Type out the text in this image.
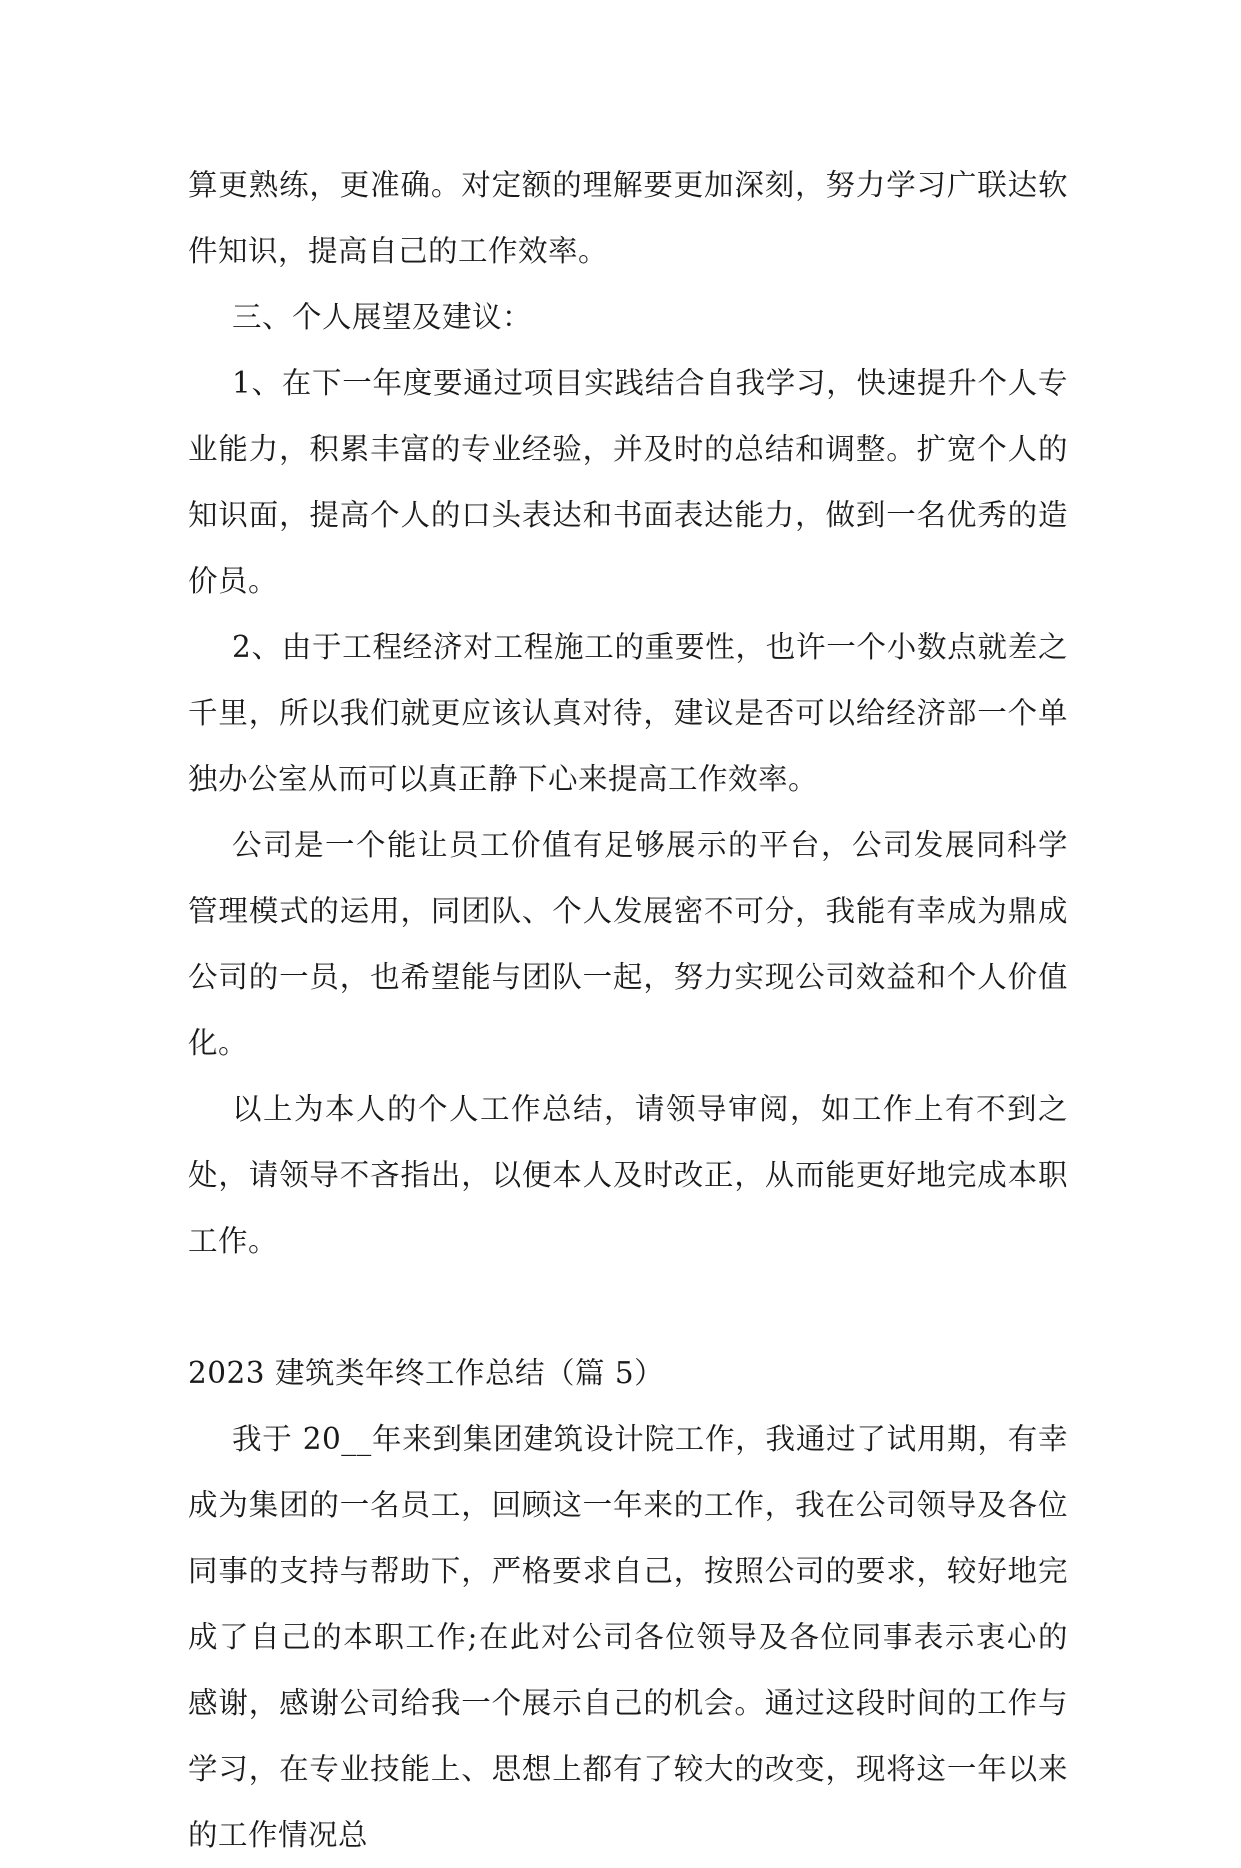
算更熟练，更准确。对定额的理解要更加深刻，努力学习广联达软件知识，提高自己的工作效率。

三、个人展望及建议：

1、在下一年度要通过项目实践结合自我学习，快速提升个人专业能力，积累丰富的专业经验，并及时的总结和调整。扩宽个人的知识面，提高个人的口头表达和书面表达能力，做到一名优秀的造价员。

2、由于工程经济对工程施工的重要性，也许一个小数点就差之千里，所以我们就更应该认真对待，建议是否可以给经济部一个单独办公室从而可以真正静下心来提高工作效率。

公司是一个能让员工价值有足够展示的平台，公司发展同科学管理模式的运用，同团队、个人发展密不可分，我能有幸成为鼎成公司的一员，也希望能与团队一起，努力实现公司效益和个人价值化。

以上为本人的个人工作总结，请领导审阅，如工作上有不到之处，请领导不吝指出，以便本人及时改正，从而能更好地完成本职工作。

2023 建筑类年终工作总结（篇 5）

我于 20__年来到集团建筑设计院工作，我通过了试用期，有幸成为集团的一名员工，回顾这一年来的工作，我在公司领导及各位同事的支持与帮助下，严格要求自己，按照公司的要求，较好地完成了自己的本职工作;在此对公司各位领导及各位同事表示衷心的感谢，感谢公司给我一个展示自己的机会。通过这段时间的工作与学习，在专业技能上、思想上都有了较大的改变，现将这一年以来的工作情况总
